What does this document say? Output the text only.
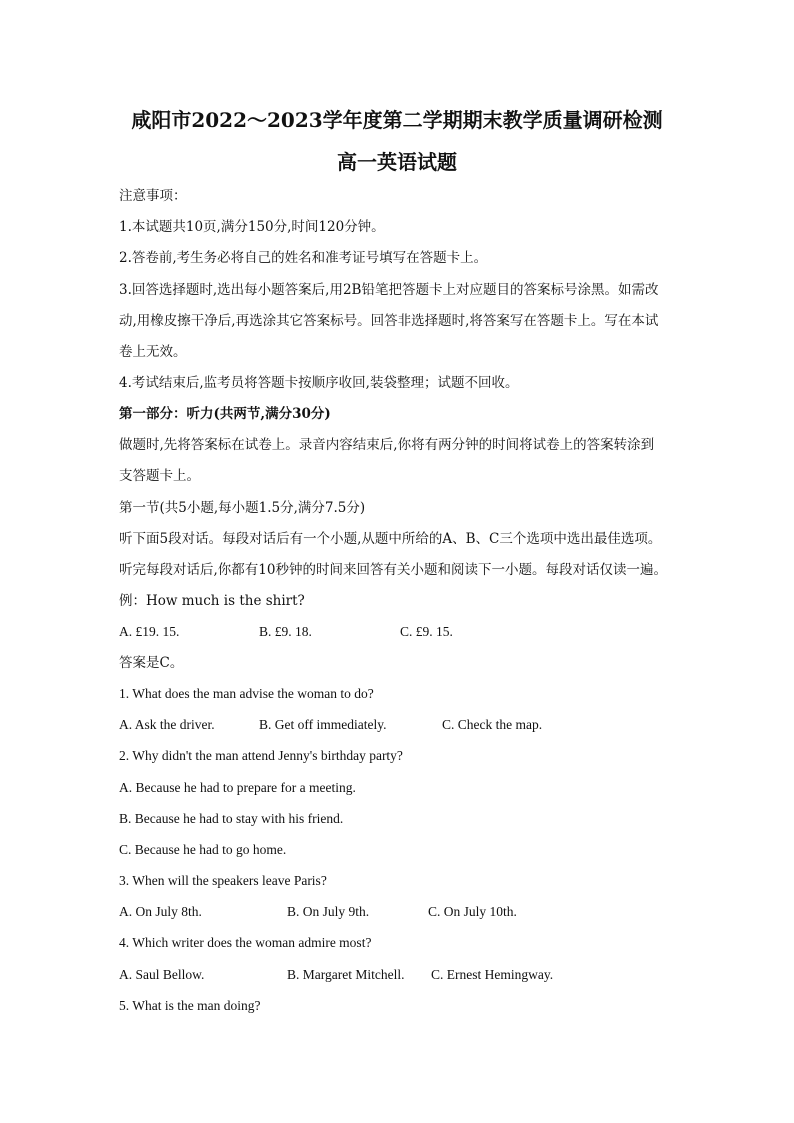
咸阳市2022～2023学年度第二学期期末教学质量调研检测
高一英语试题
注意事项：
1.本试题共10页,满分150分,时间120分钟。
2.答卷前,考生务必将自己的姓名和准考证号填写在答题卡上。
3.回答选择题时,选出每小题答案后,用2B铅笔把答题卡上对应题目的答案标号涂黑。如需改
动,用橡皮擦干净后,再选涂其它答案标号。回答非选择题时,将答案写在答题卡上。写在本试
卷上无效。
4.考试结束后,监考员将答题卡按顺序收回,装袋整理；试题不回收。
第一部分：听力(共两节,满分30分)
做题时,先将答案标在试卷上。录音内容结束后,你将有两分钟的时间将试卷上的答案转涂到
支答题卡上。
第一节(共5小题,每小题1.5分,满分7.5分)
听下面5段对话。每段对话后有一个小题,从题中所给的A、B、C三个选项中选出最佳选项。
听完每段对话后,你都有10秒钟的时间来回答有关小题和阅读下一小题。每段对话仅读一遍。
例：How much is the shirt?
A. £19. 15.	B. £9. 18.	C. £9. 15.
答案是C。
1. What does the man advise the woman to do?
A. Ask the driver.	B. Get off immediately.	C. Check the map.
2. Why didn't the man attend Jenny's birthday party?
A. Because he had to prepare for a meeting.
B. Because he had to stay with his friend.
C. Because he had to go home.
3. When will the speakers leave Paris?
A. On July 8th.	B. On July 9th.	C. On July 10th.
4. Which writer does the woman admire most?
A. Saul Bellow.	B. Margaret Mitchell. C. Ernest Hemingway.
5. What is the man doing?
